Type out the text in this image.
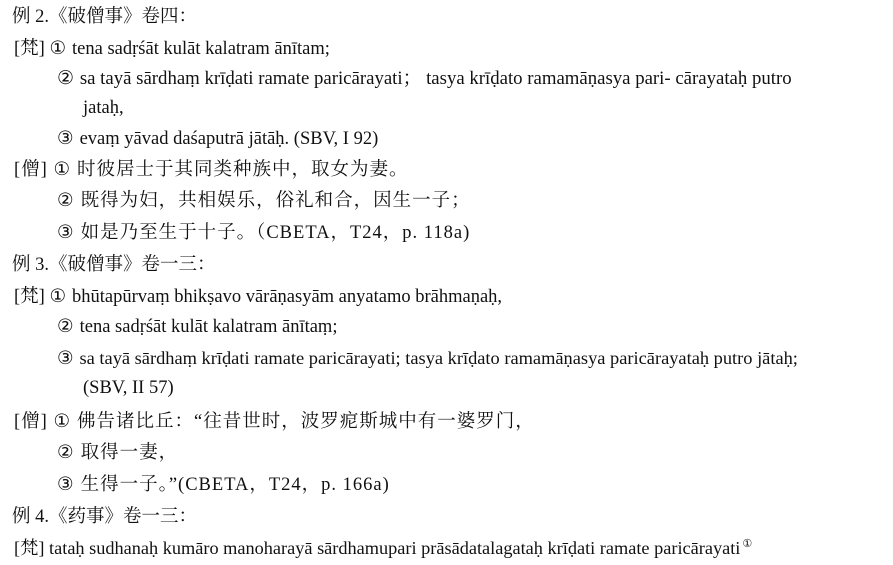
例 2.《破僧事》卷四：
[梵] ① tena sadṛśāt kulāt kalatram ānītam;
② sa tayā sārdhaṃ krīḍati ramate paricārayati； tasya krīḍato ramamāṇasya pari- cārayataḥ putro
jataḥ,
③ evaṃ yāvad daśaputrā jātāḥ. (SBV, I 92)
[僧] ① 时彼居士于其同类种族中，取女为妻。
② 既得为妇，共相娱乐，俗礼和合，因生一子；
③ 如是乃至生于十子。（CBETA，T24，p. 118a)
例 3.《破僧事》卷一三：
[梵] ① bhūtapūrvaṃ bhikṣavo vārāṇasyām anyatamo brāhmaṇaḥ,
② tena sadṛśāt kulāt kalatram ānītaṃ;
③ sa tayā sārdhaṃ krīḍati ramate paricārayati; tasya krīḍato ramamāṇasya paricārayataḥ putro jātaḥ;
(SBV, II 57)
[僧] ① 佛告诸比丘：“往昔世时，波罗痆斯城中有一婆罗门，
② 取得一妻，
③ 生得一子。”(CBETA，T24，p. 166a)
例 4.《药事》卷一三：
[梵] tataḥ sudhanaḥ kumāro manoharayā sārdhamupari prāsādatalagataḥ krīḍati ramate paricārayati ①
